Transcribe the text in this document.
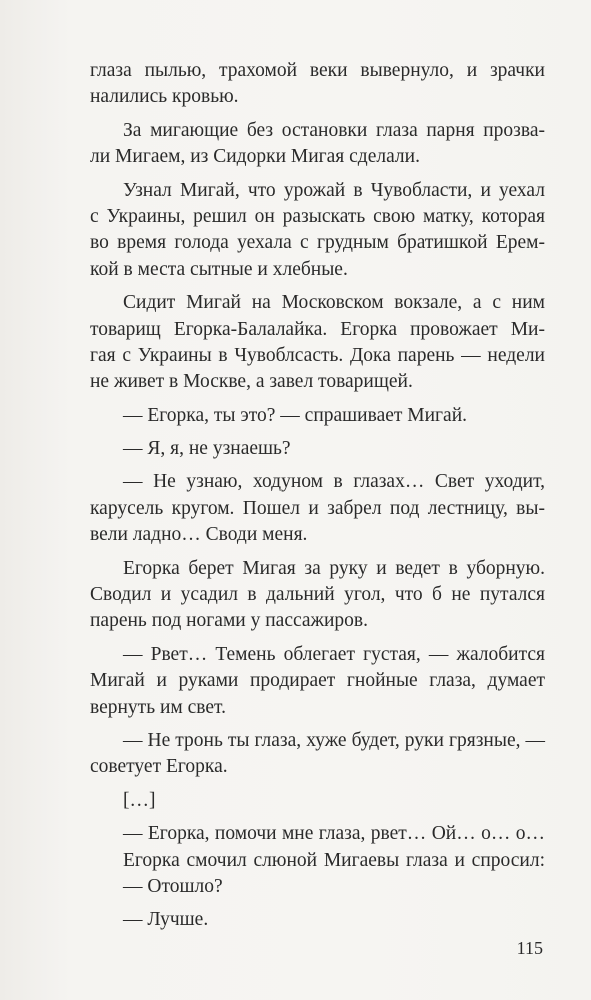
глаза пылью, трахомой веки вывернуло, и зрачки
налились кровью.
За мигающие без остановки глаза парня прозва-
ли Мигаем, из Сидорки Мигая сделали.
Узнал Мигай, что урожай в Чувобласти, и уехал
с Украины, решил он разыскать свою матку, которая
во время голода уехала с грудным братишкой Ерем-
кой в места сытные и хлебные.
Сидит Мигай на Московском вокзале, а с ним
товарищ Егорка-Балалайка. Егорка провожает Ми-
гая с Украины в Чувоблсасть. Дока парень — недели
не живет в Москве, а завел товарищей.
— Егорка, ты это? — спрашивает Мигай.
— Я, я, не узнаешь?
— Не узнаю, ходуном в глазах… Свет уходит,
карусель кругом. Пошел и забрел под лестницу, вы-
вели ладно… Своди меня.
Егорка берет Мигая за руку и ведет в уборную.
Сводил и усадил в дальний угол, что б не путался
парень под ногами у пассажиров.
— Рвет… Темень облегает густая, — жалобится
Мигай и руками продирает гнойные глаза, думает
вернуть им свет.
— Не тронь ты глаза, хуже будет, руки грязные, —
советует Егорка.
[…]
— Егорка, помочи мне глаза, рвет… Ой… о… о…
Егорка смочил слюной Мигаевы глаза и спросил:
— Отошло?
— Лучше.
115
